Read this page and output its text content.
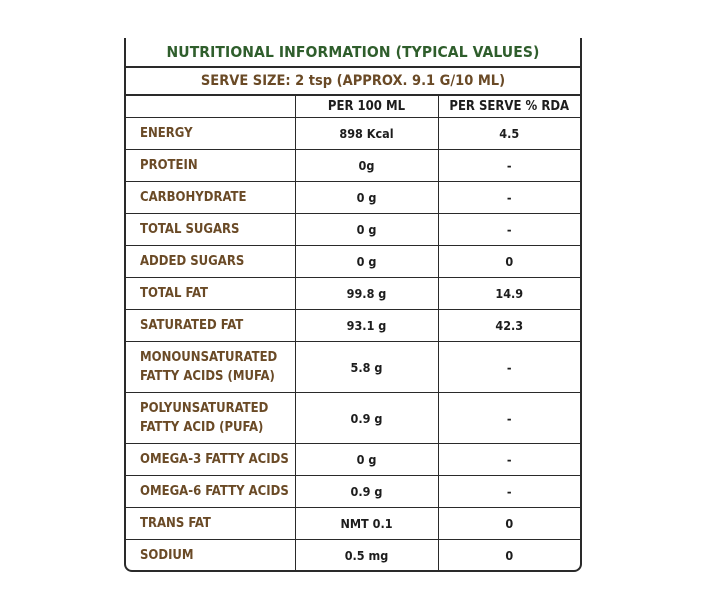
NUTRITIONAL INFORMATION (TYPICAL VALUES)
SERVE SIZE: 2 tsp (APPROX. 9.1 G/10 ML)
	PER 100 ML	PER SERVE % RDA
ENERGY	898 Kcal	4.5
PROTEIN	0g	-
CARBOHYDRATE	0 g	-
TOTAL SUGARS	0 g	-
ADDED SUGARS	0 g	0
TOTAL FAT	99.8 g	14.9
SATURATED FAT	93.1 g	42.3
MONOUNSATURATED
FATTY ACIDS (MUFA)	5.8 g	-
POLYUNSATURATED
FATTY ACID (PUFA)	0.9 g	-
OMEGA-3 FATTY ACIDS	0 g	-
OMEGA-6 FATTY ACIDS	0.9 g	-
TRANS FAT	NMT 0.1	0
SODIUM	0.5 mg	0
